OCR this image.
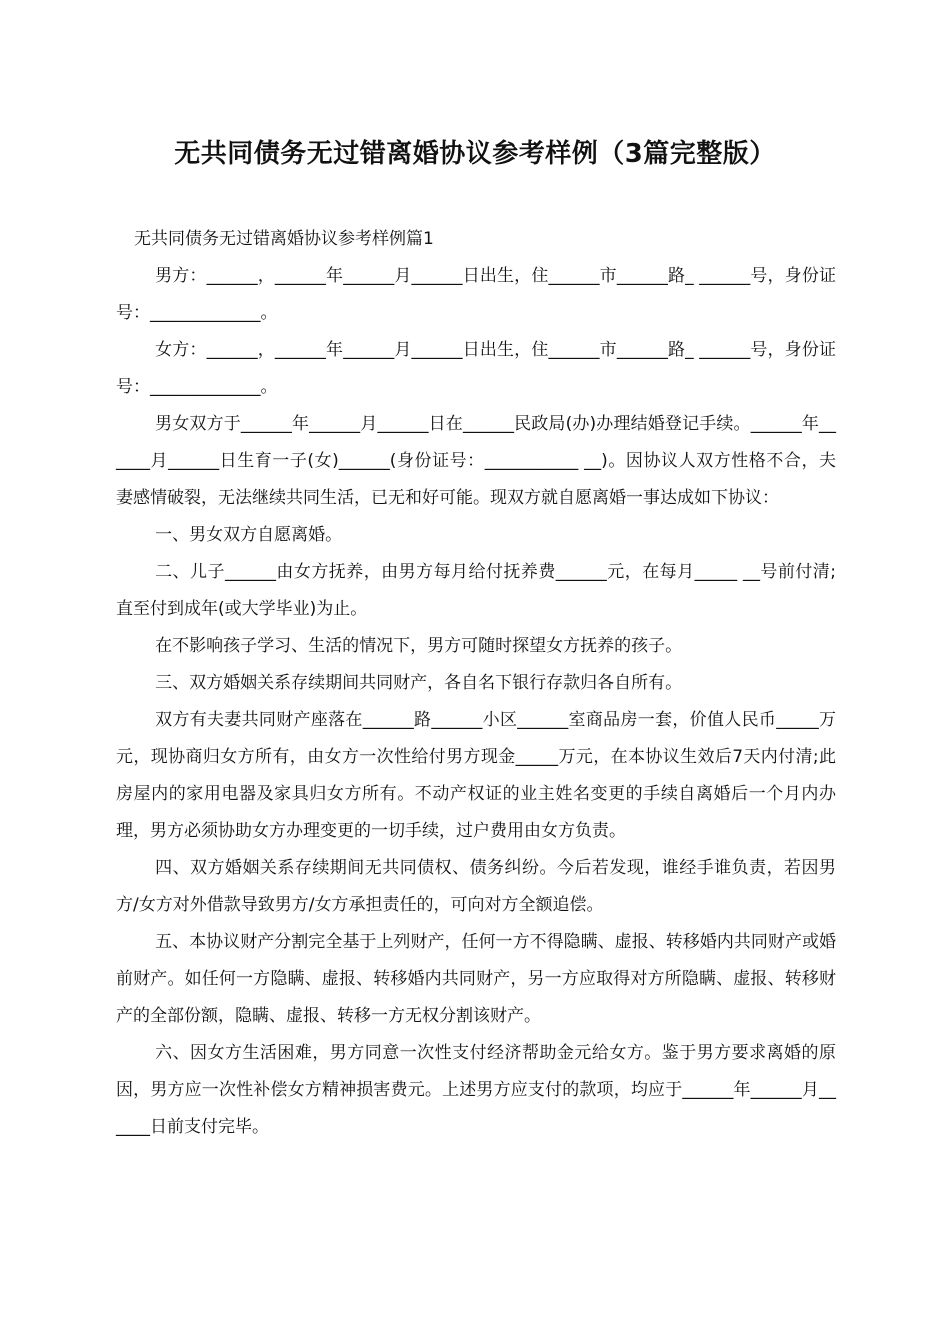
无共同债务无过错离婚协议参考样例（3篇完整版）
无共同债务无过错离婚协议参考样例篇1

男方：______，______年______月______日出生，住______市______路_ ______号，身份证号：_____________。

女方：______，______年______月______日出生，住______市______路_ ______号，身份证号：_____________。

男女双方于______年______月______日在______民政局(办)办理结婚登记手续。______年______月______日生育一子(女)______(身份证号：___________ __)。因协议人双方性格不合，夫妻感情破裂，无法继续共同生活，已无和好可能。现双方就自愿离婚一事达成如下协议：

一、男女双方自愿离婚。

二、儿子______由女方抚养，由男方每月给付抚养费______元，在每月_____ __号前付清;直至付到成年(或大学毕业)为止。

在不影响孩子学习、生活的情况下，男方可随时探望女方抚养的孩子。

三、双方婚姻关系存续期间共同财产，各自名下银行存款归各自所有。

双方有夫妻共同财产座落在______路______小区______室商品房一套，价值人民币_____万元，现协商归女方所有，由女方一次性给付男方现金_____万元，在本协议生效后7天内付清;此房屋内的家用电器及家具归女方所有。不动产权证的业主姓名变更的手续自离婚后一个月内办理，男方必须协助女方办理变更的一切手续，过户费用由女方负责。

四、双方婚姻关系存续期间无共同债权、债务纠纷。今后若发现，谁经手谁负责，若因男方/女方对外借款导致男方/女方承担责任的，可向对方全额追偿。

五、本协议财产分割完全基于上列财产，任何一方不得隐瞒、虚报、转移婚内共同财产或婚前财产。如任何一方隐瞒、虚报、转移婚内共同财产，另一方应取得对方所隐瞒、虚报、转移财产的全部份额，隐瞒、虚报、转移一方无权分割该财产。

六、因女方生活困难，男方同意一次性支付经济帮助金元给女方。鉴于男方要求离婚的原因，男方应一次性补偿女方精神损害费元。上述男方应支付的款项，均应于______年______月______日前支付完毕。
